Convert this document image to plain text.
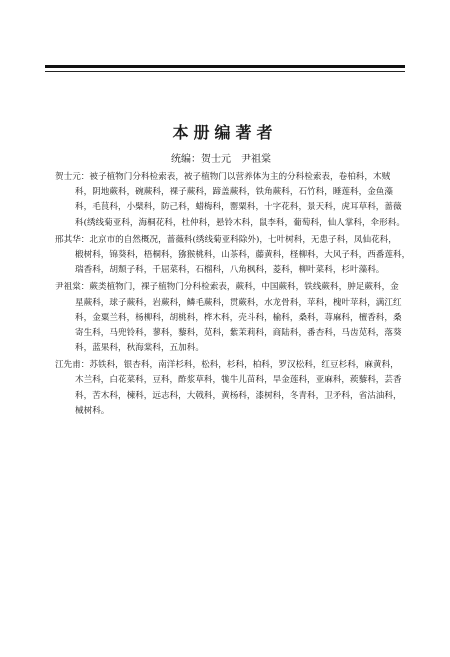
本册编著者
统编：贺士元　尹祖棠
贺士元：被子植物门分科检索表，被子植物门以营养体为主的分科检索表，卷柏科，木贼
科，阴地蕨科，碗蕨科，裸子蕨科，蹄盖蕨科，铁角蕨科，石竹科，睡莲科，金鱼藻
科，毛茛科，小檗科，防己科，蜡梅科，罂粟科，十字花科，景天科，虎耳草科，蔷薇
科(绣线菊亚科，海桐花科，杜仲科，悬铃木科，鼠李科，葡萄科，仙人掌科，伞形科。
邢其华：北京市的自然概况，蔷薇科(绣线菊亚科除外)，七叶树科，无患子科，凤仙花科，
椴树科，锦葵科，梧桐科，猕猴桃科，山茶科，藤黄科，柽柳科，大风子科，西番莲科，
瑞香科，胡颓子科，千屈菜科，石榴科，八角枫科，菱科，柳叶菜科，杉叶藻科。
尹祖棠：蕨类植物门，裸子植物门分科检索表，蕨科，中国蕨科，铁线蕨科，肿足蕨科，金
星蕨科，球子蕨科，岩蕨科，鳞毛蕨科，贯蕨科，水龙骨科，苹科，槐叶苹科，满江红
科，金粟兰科，杨柳科，胡桃科，桦木科，壳斗科，榆科，桑科，荨麻科，檀香科，桑
寄生科，马兜铃科，蓼科，藜科，苋科，紫茉莉科，商陆科，番杏科，马齿苋科，落葵
科，蓝果科，秋海棠科，五加科。
江先甫：苏铁科，银杏科，南洋杉科，松科，杉科，柏科，罗汉松科，红豆杉科，麻黄科，
木兰科，白花菜科，豆科，酢浆草科，牻牛儿苗科，旱金莲科，亚麻科，蒺藜科，芸香
科，苦木科，楝科，远志科，大戟科，黄杨科，漆树科，冬青科，卫矛科，省沽油科，
械树科。
